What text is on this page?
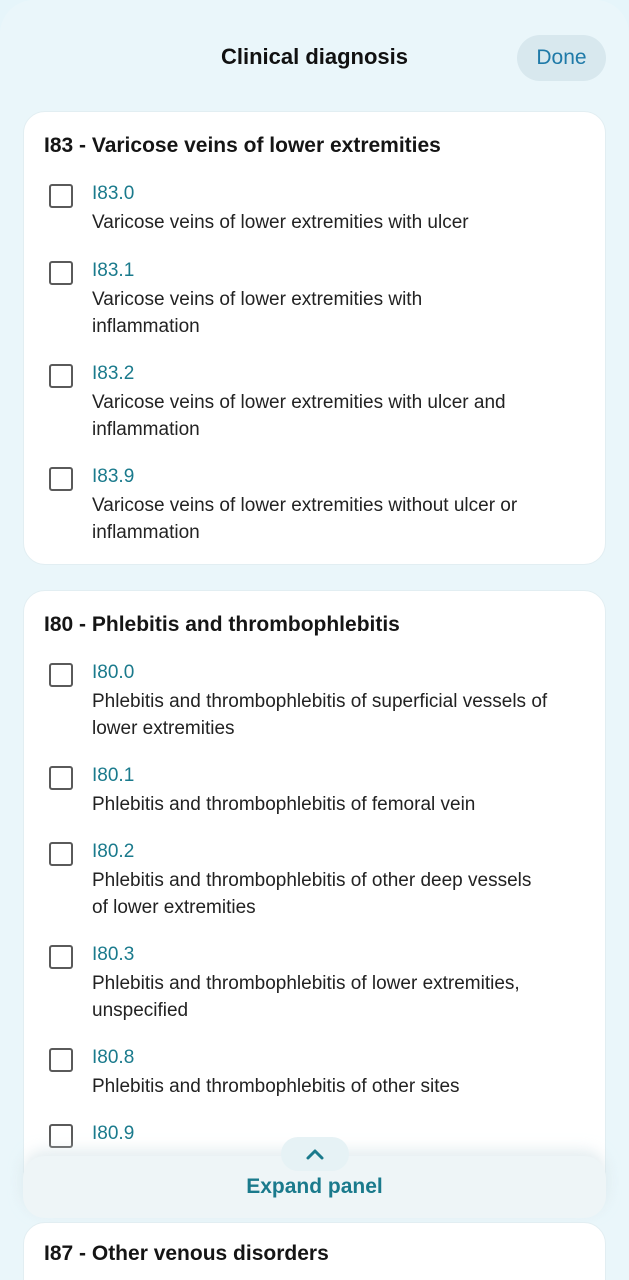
Clinical diagnosis	Done
I83 - Varicose veins of lower extremities
I83.0
Varicose veins of lower extremities with ulcer
I83.1
Varicose veins of lower extremities with inflammation
I83.2
Varicose veins of lower extremities with ulcer and inflammation
I83.9
Varicose veins of lower extremities without ulcer or inflammation
I80 - Phlebitis and thrombophlebitis
I80.0
Phlebitis and thrombophlebitis of superficial vessels of lower extremities
I80.1
Phlebitis and thrombophlebitis of femoral vein
I80.2
Phlebitis and thrombophlebitis of other deep vessels of lower extremities
I80.3
Phlebitis and thrombophlebitis of lower extremities, unspecified
I80.8
Phlebitis and thrombophlebitis of other sites
I80.9
Expand panel
I87 - Other venous disorders
